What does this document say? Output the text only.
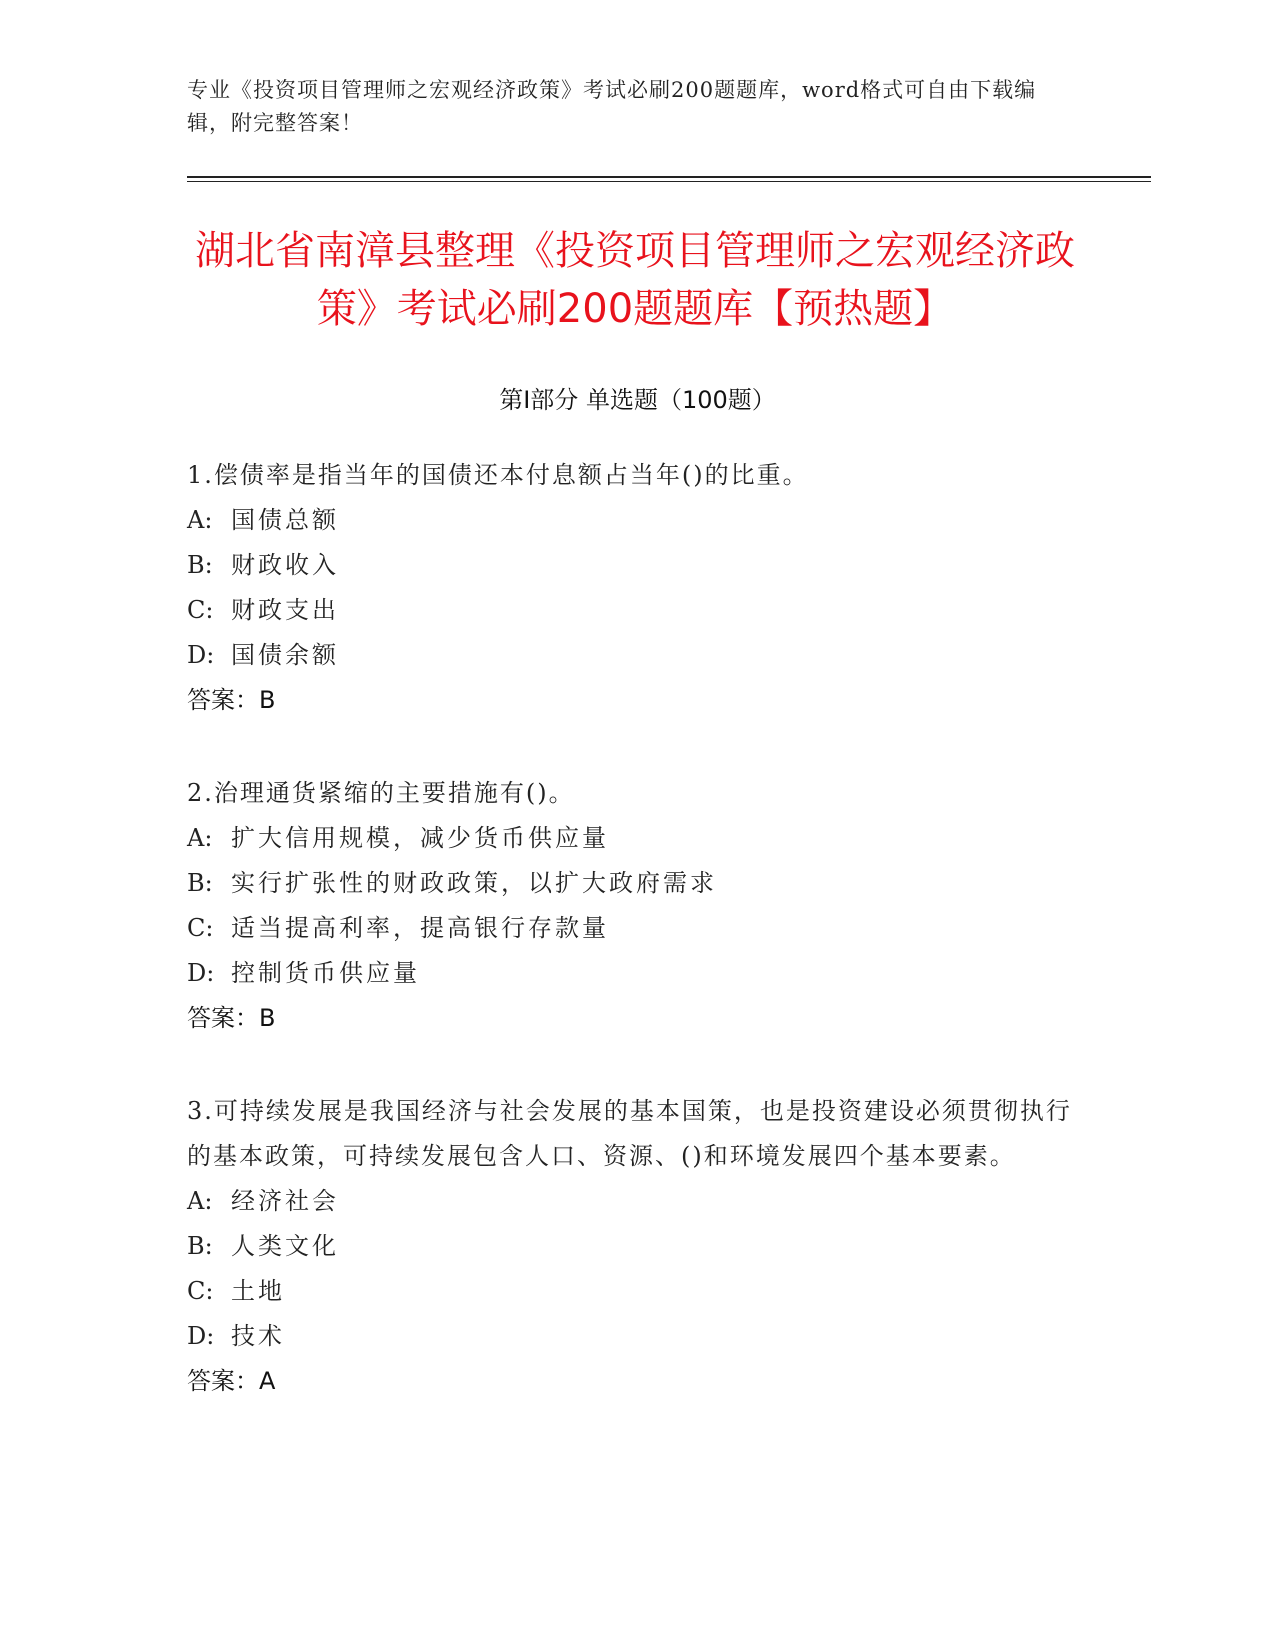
专业《投资项目管理师之宏观经济政策》考试必刷200题题库，word格式可自由下载编辑，附完整答案！
湖北省南漳县整理《投资项目管理师之宏观经济政策》考试必刷200题题库【预热题】
第Ⅰ部分 单选题（100题）

1.偿债率是指当年的国债还本付息额占当年()的比重。

A: 国债总额

B: 财政收入

C: 财政支出

D: 国债余额

答案：B

2.治理通货紧缩的主要措施有()。

A: 扩大信用规模，减少货币供应量

B: 实行扩张性的财政政策，以扩大政府需求

C: 适当提高利率，提高银行存款量

D: 控制货币供应量

答案：B

3.可持续发展是我国经济与社会发展的基本国策，也是投资建设必须贯彻执行的基本政策，可持续发展包含人口、资源、()和环境发展四个基本要素。

A: 经济社会

B: 人类文化

C: 土地

D: 技术

答案：A
